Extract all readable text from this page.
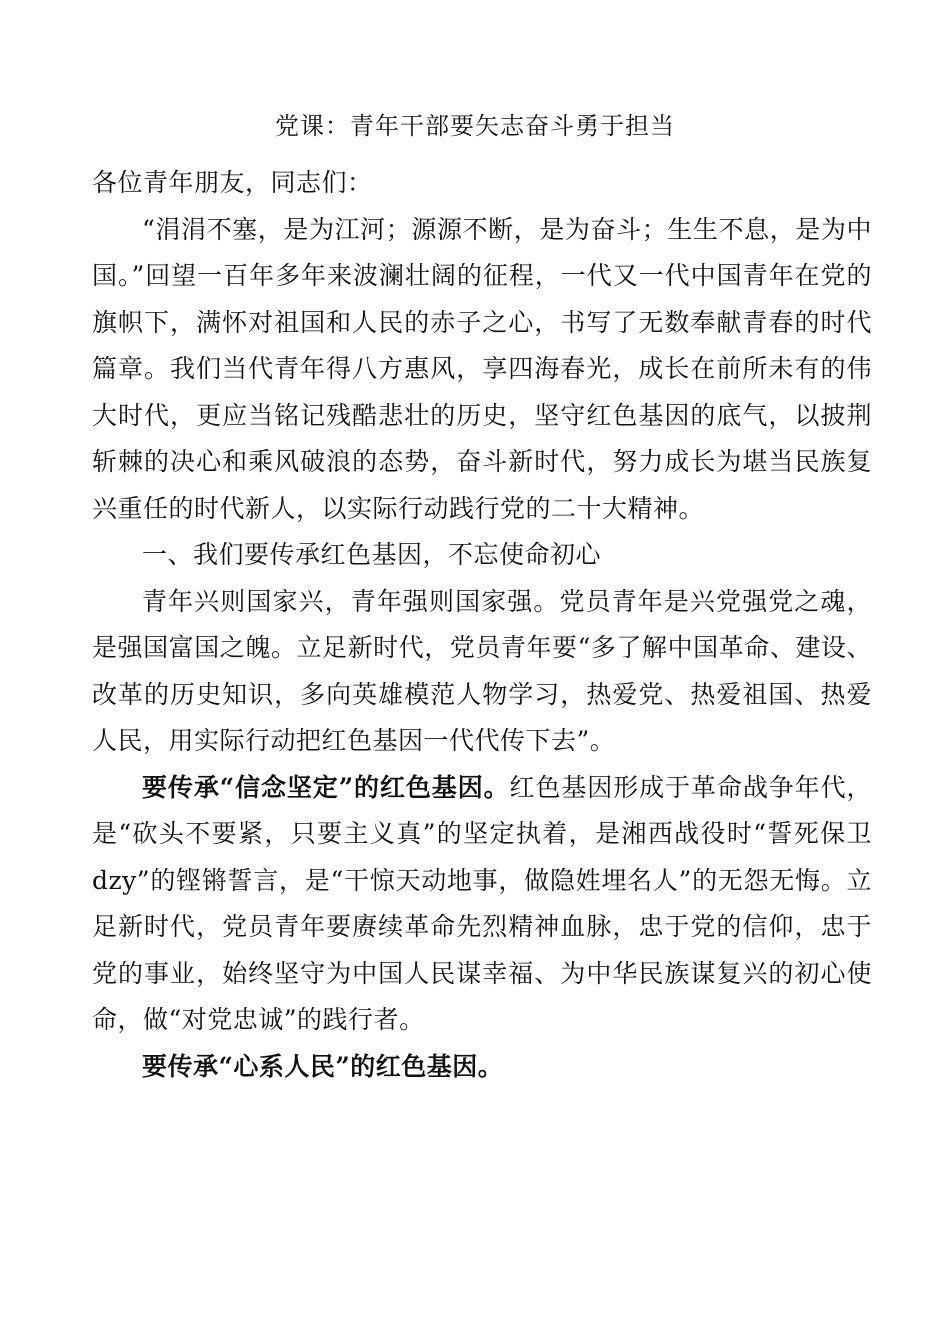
党课：青年干部要矢志奋斗勇于担当

各位青年朋友，同志们：

“涓涓不塞，是为江河；源源不断，是为奋斗；生生不息，是为中国。”回望一百年多年来波澜壮阔的征程，一代又一代中国青年在党的旗帜下，满怀对祖国和人民的赤子之心，书写了无数奉献青春的时代篇章。我们当代青年得八方惠风，享四海春光，成长在前所未有的伟大时代，更应当铭记残酷悲壮的历史，坚守红色基因的底气，以披荆斩棘的决心和乘风破浪的态势，奋斗新时代，努力成长为堪当民族复兴重任的时代新人，以实际行动践行党的二十大精神。

一、我们要传承红色基因，不忘使命初心

青年兴则国家兴，青年强则国家强。党员青年是兴党强党之魂，是强国富国之魄。立足新时代，党员青年要“多了解中国革命、建设、改革的历史知识，多向英雄模范人物学习，热爱党、热爱祖国、热爱人民，用实际行动把红色基因一代代传下去”。

要传承“信念坚定”的红色基因。红色基因形成于革命战争年代，是“砍头不要紧，只要主义真”的坚定执着，是湘西战役时“誓死保卫dzy”的铿锵誓言，是“干惊天动地事，做隐姓埋名人”的无怨无悔。立足新时代，党员青年要赓续革命先烈精神血脉，忠于党的信仰，忠于党的事业，始终坚守为中国人民谋幸福、为中华民族谋复兴的初心使命，做“对党忠诚”的践行者。

要传承“心系人民”的红色基因。
